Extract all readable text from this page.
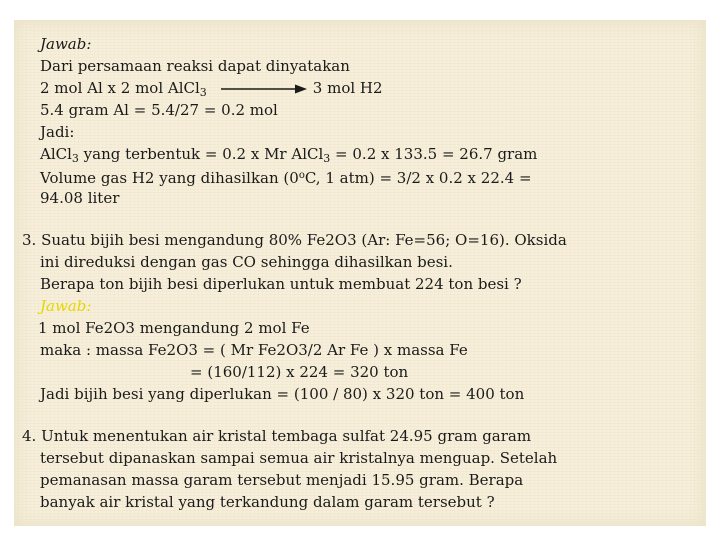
Jawab:
Dari persamaan reaksi dapat dinyatakan
2 mol Al x 2 mol AlCl$_3$	3 mol H2
5.4 gram Al = 5.4/27 = 0.2 mol
Jadi:
AlCl$_3$ yang terbentuk = 0.2 x Mr AlCl$_3$ = 0.2 x 133.5 = 26.7 gram
Volume gas H2 yang dihasilkan (0$^o$C, 1 atm) = 3/2 x 0.2 x 22.4 =
94.08 liter
3. Suatu bijih besi mengandung 80% Fe2O3 (Ar: Fe=56; O=16). Oksida
ini direduksi dengan gas CO sehingga dihasilkan besi.
Berapa ton bijih besi diperlukan untuk membuat 224 ton besi ?
Jawab:
1 mol Fe2O3 mengandung 2 mol Fe
maka : massa Fe2O3 = ( Mr Fe2O3/2 Ar Fe ) x massa Fe
= (160/112) x 224 = 320 ton
Jadi bijih besi yang diperlukan = (100 / 80) x 320 ton = 400 ton
4. Untuk menentukan air kristal tembaga sulfat 24.95 gram garam
tersebut dipanaskan sampai semua air kristalnya menguap. Setelah
pemanasan massa garam tersebut menjadi 15.95 gram. Berapa
banyak air kristal yang terkandung dalam garam tersebut ?
